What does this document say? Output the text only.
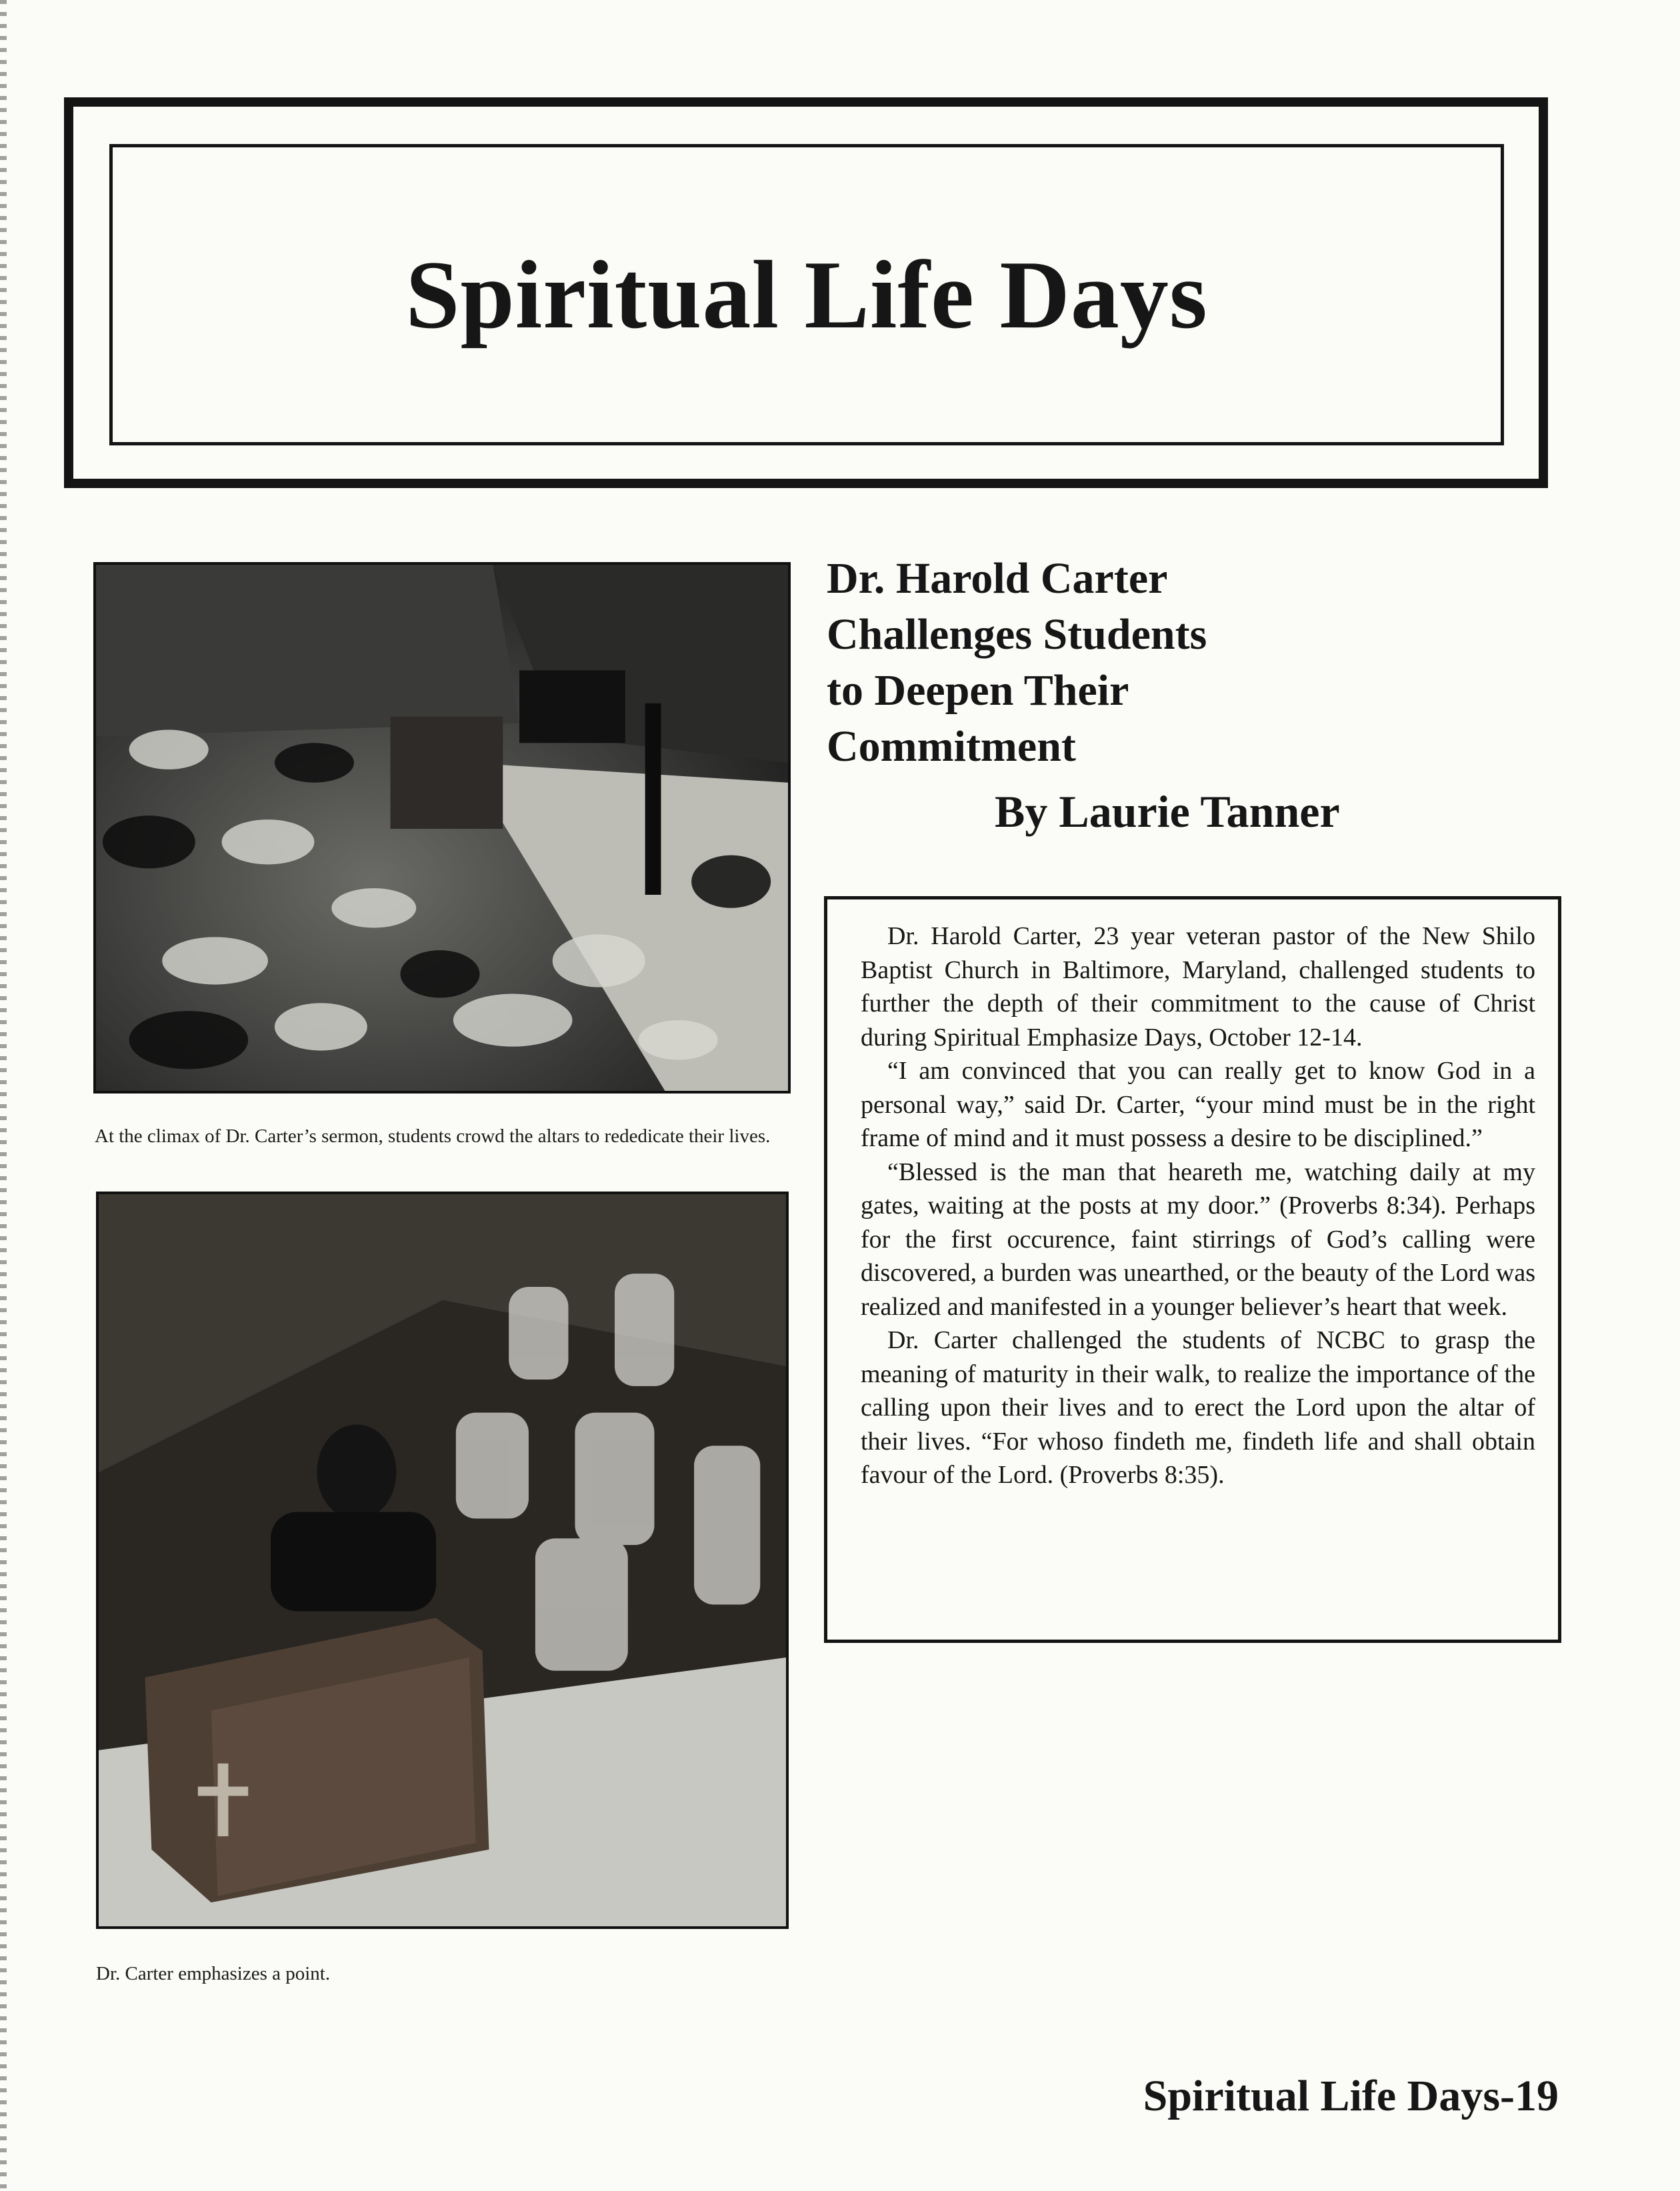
Spiritual Life Days
At the climax of Dr. Carter’s sermon, students crowd the altars to rededicate their lives.
Dr. Carter emphasizes a point.
Dr. Harold Carter
Challenges Students
to Deepen Their
Commitment
By Laurie Tanner

Dr. Harold Carter, 23 year veteran pastor of the New Shilo Baptist Church in Baltimore, Maryland, challenged students to further the depth of their commitment to the cause of Christ during Spiritual Emphasize Days, October 12-14.

“I am convinced that you can really get to know God in a personal way,” said Dr. Carter, “your mind must be in the right frame of mind and it must possess a desire to be disciplined.”

“Blessed is the man that heareth me, watching daily at my gates, waiting at the posts at my door.” (Proverbs 8:34). Perhaps for the first occurence, faint stirrings of God’s calling were discovered, a burden was unearthed, or the beauty of the Lord was realized and manifested in a younger believer’s heart that week.

Dr. Carter challenged the students of NCBC to grasp the meaning of maturity in their walk, to realize the importance of the calling upon their lives and to erect the Lord upon the altar of their lives. “For whoso findeth me, findeth life and shall obtain favour of the Lord. (Proverbs 8:35).

Spiritual Life Days-19
